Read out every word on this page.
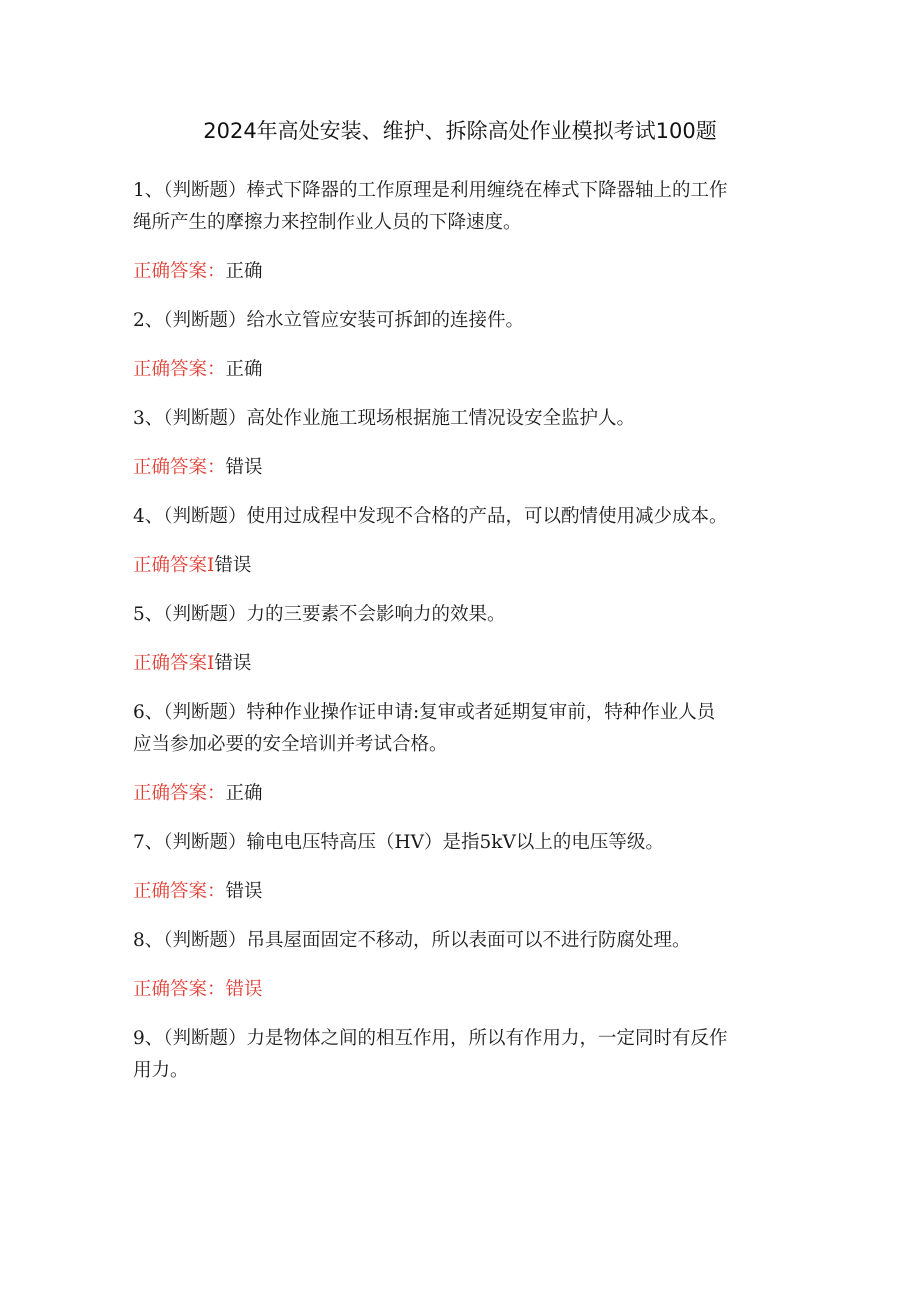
2024年高处安装、维护、拆除高处作业模拟考试100题
1、（判断题）棒式下降器的工作原理是利用缠绕在棒式下降器轴上的工作
绳所产生的摩擦力来控制作业人员的下降速度。
正确答案：正确
2、（判断题）给水立管应安装可拆卸的连接件。
正确答案：正确
3、（判断题）高处作业施工现场根据施工情况设安全监护人。
正确答案：错误
4、（判断题）使用过成程中发现不合格的产品，可以酌情使用减少成本。
正确答案I错误
5、（判断题）力的三要素不会影响力的效果。
正确答案I错误
6、（判断题）特种作业操作证申请:复审或者延期复审前，特种作业人员
应当参加必要的安全培训并考试合格。
正确答案：正确
7、（判断题）输电电压特高压（HV）是指5kV以上的电压等级。
正确答案：错误
8、（判断题）吊具屋面固定不移动，所以表面可以不进行防腐处理。
正确答案：错误
9、（判断题）力是物体之间的相互作用，所以有作用力，一定同时有反作
用力。
